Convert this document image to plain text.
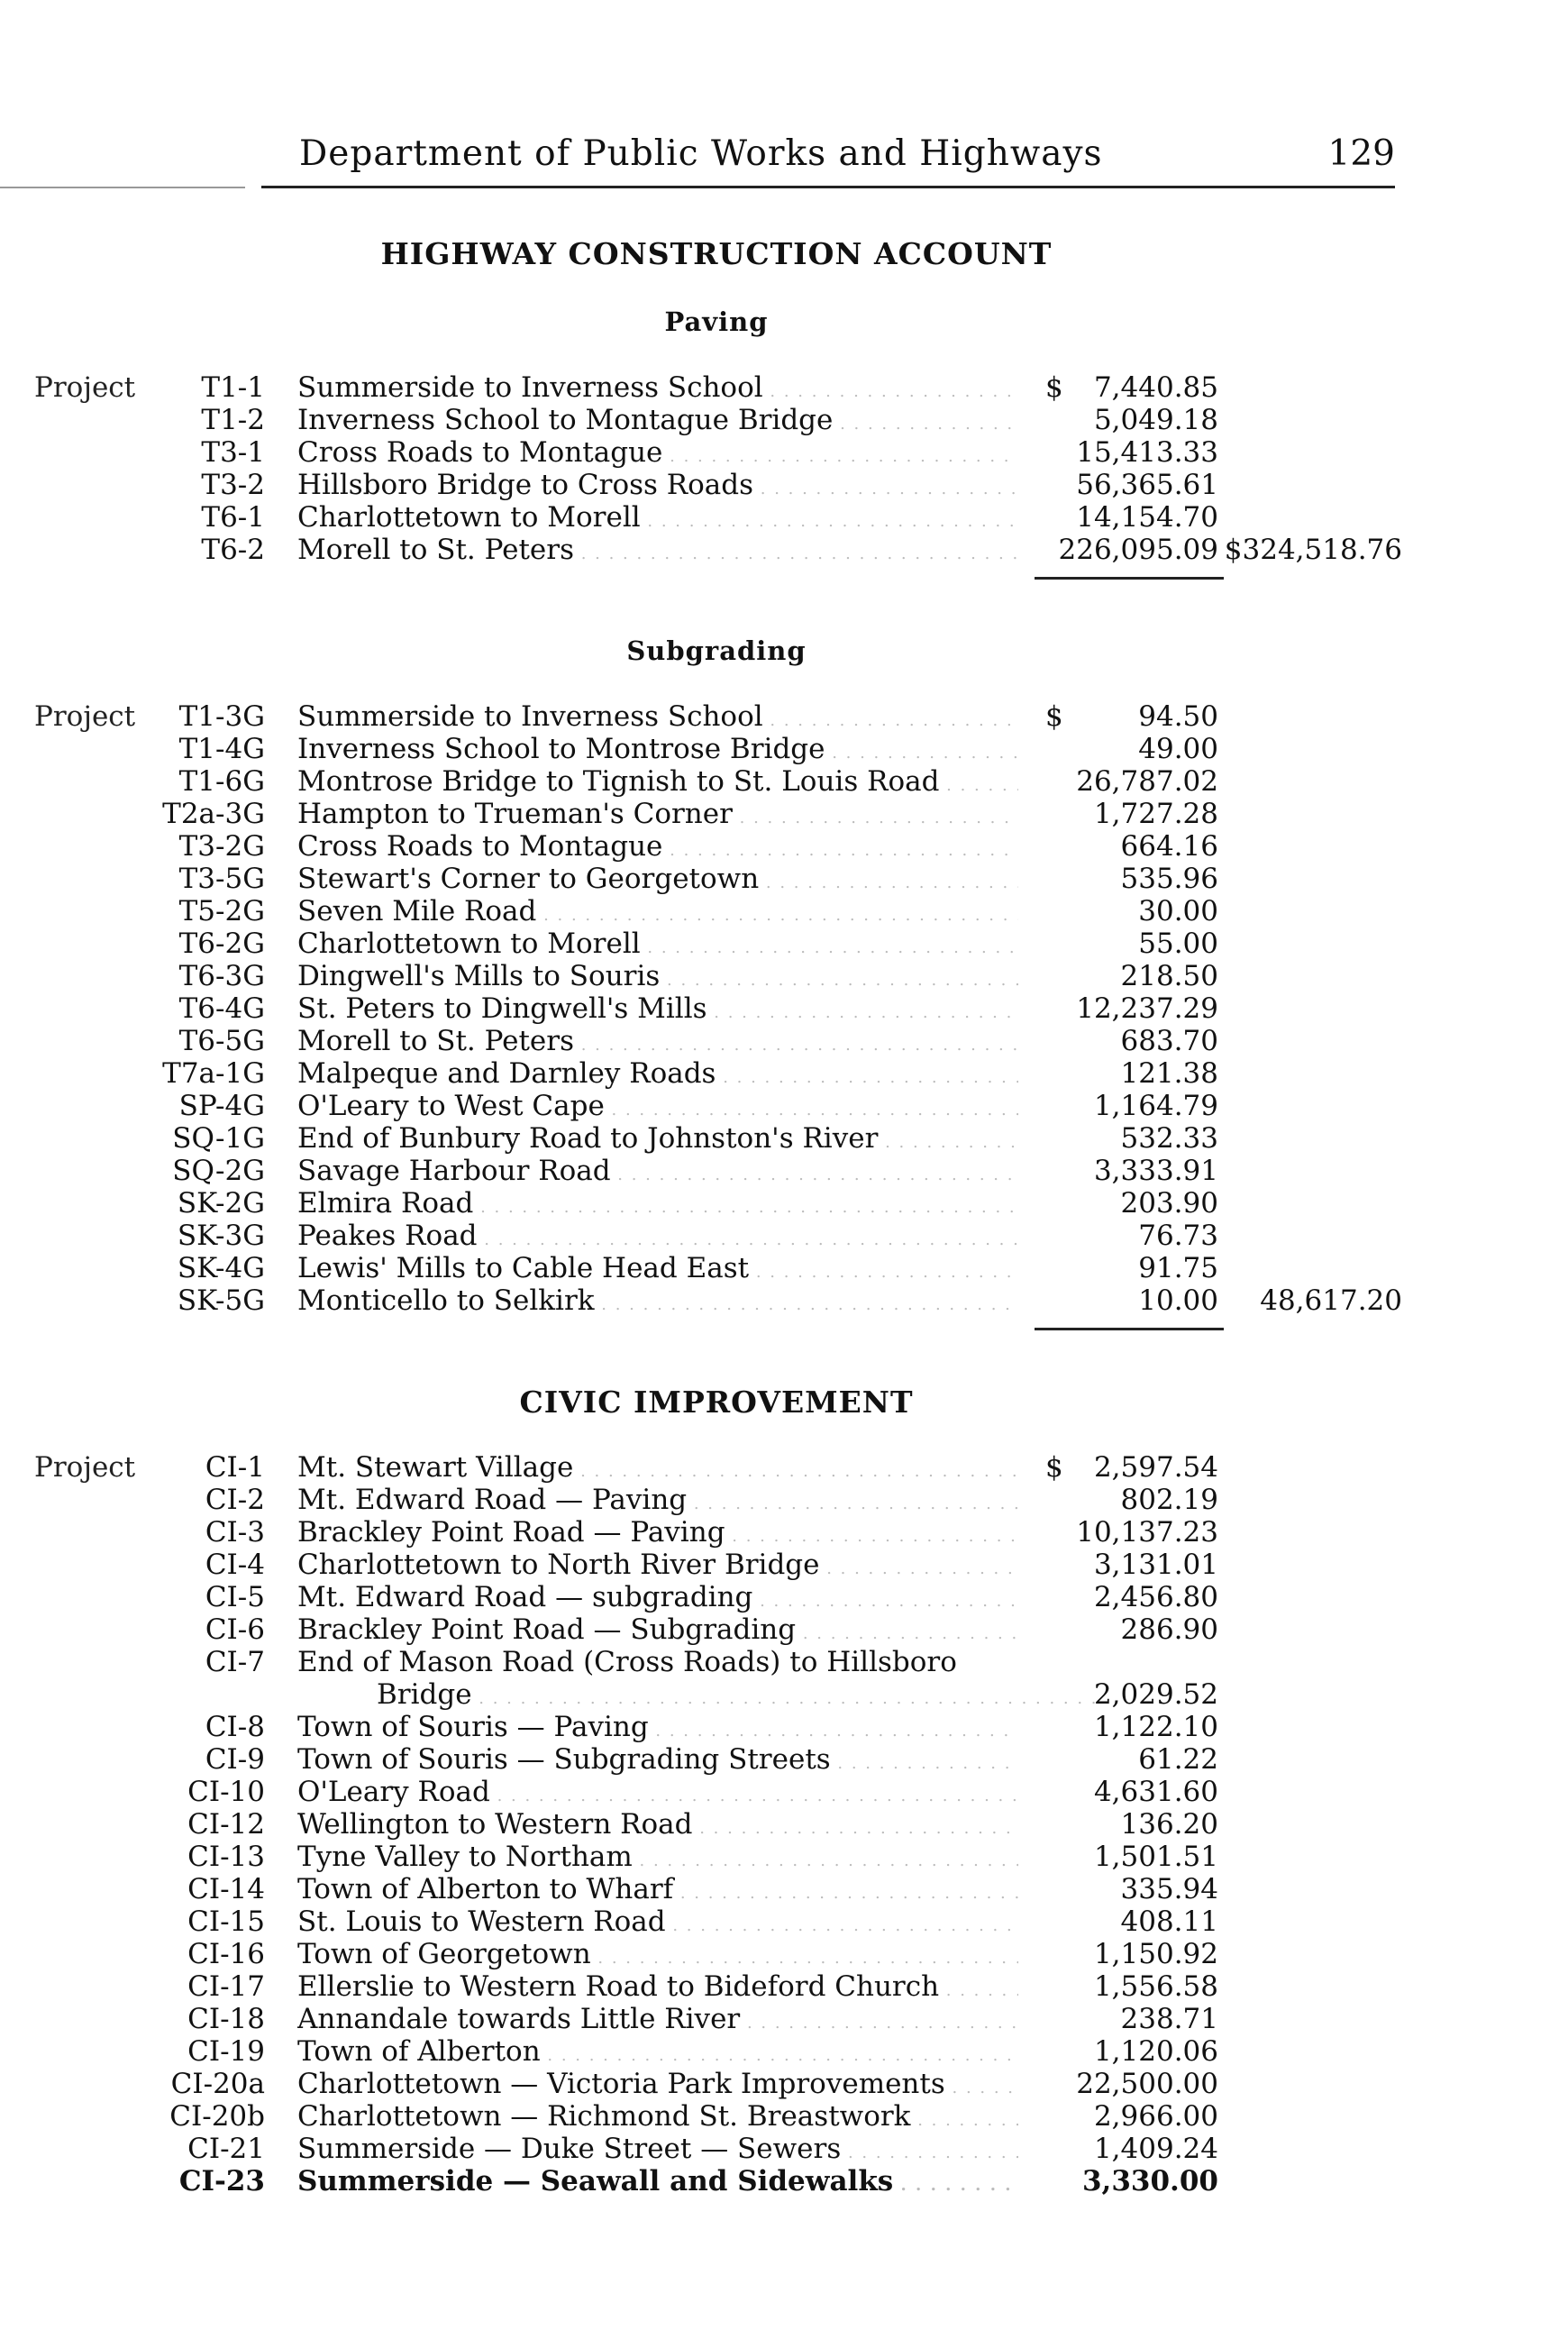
Department of Public Works and Highways	129
HIGHWAY CONSTRUCTION ACCOUNT
Paving
Project T1-1 Summerside to Inverness School . . .	$ 7,440.85
T1-2 Inverness School to Montague Bridge . . .	5,049.18
T3-1 Cross Roads to Montague . . .	15,413.33
T3-2 Hillsboro Bridge to Cross Roads . . .	56,365.61
T6-1 Charlottetown to Morell . . .	14,154.70
T6-2 Morell to St. Peters . . .	226,095.09 $324,518.76
Subgrading
Project T1-3G Summerside to Inverness School . . .	$	94.50
T1-4G Inverness School to Montrose Bridge . . .	49.00
T1-6G Montrose Bridge to Tignish to St. Louis Road . . .	26,787.02
T2a-3G Hampton to Trueman's Corner . . .	1,727.28
T3-2G Cross Roads to Montague . . .	664.16
T3-5G Stewart's Corner to Georgetown . . .	535.96
T5-2G Seven Mile Road . . .	30.00
T6-2G Charlottetown to Morell . . .	55.00
T6-3G Dingwell's Mills to Souris . . .	218.50
T6-4G St. Peters to Dingwell's Mills . . .	12,237.29
T6-5G Morell to St. Peters . . .	683.70
T7a-1G Malpeque and Darnley Roads . . .	121.38
SP-4G O'Leary to West Cape . . .	1,164.79
SQ-1G End of Bunbury Road to Johnston's River . . .	532.33
SQ-2G Savage Harbour Road . . .	3,333.91
SK-2G Elmira Road . . .	203.90
SK-3G Peakes Road . . .	76.73
SK-4G Lewis' Mills to Cable Head East . . .	91.75
SK-5G Monticello to Selkirk . . .	10.00 48,617.20
CIVIC IMPROVEMENT
Project	CI-1 Mt. Stewart Village . . .	$ 2,597.54
CI-2 Mt. Edward Road — Paving . . .	802.19
CI-3 Brackley Point Road — Paving . . .	10,137.23
CI-4 Charlottetown to North River Bridge . . .	3,131.01
CI-5 Mt. Edward Road — subgrading . . .	2,456.80
CI-6 Brackley Point Road — Subgrading . . .	286.90
CI-7 End of Mason Road (Cross Roads) to Hillsboro
Bridge . . .	2,029.52
CI-8 Town of Souris — Paving . . .	1,122.10
CI-9 Town of Souris — Subgrading Streets . . .	61.22
CI-10 O'Leary Road . . .	4,631.60
CI-12 Wellington to Western Road . . .	136.20
CI-13 Tyne Valley to Northam . . .	1,501.51
CI-14 Town of Alberton to Wharf . . .	335.94
CI-15 St. Louis to Western Road . . .	408.11
CI-16 Town of Georgetown . . .	1,150.92
CI-17 Ellerslie to Western Road to Bideford Church . . .	1,556.58
CI-18 Annandale towards Little River . . .	238.71
CI-19 Town of Alberton . . .	1,120.06
CI-20a Charlottetown — Victoria Park Improvements . . .	22,500.00
CI-20b Charlottetown — Richmond St. Breastwork . . .	2,966.00
CI-21 Summerside — Duke Street — Sewers . . .	1,409.24
CI-23 Summerside — Seawall and Sidewalks . . .	3,330.00
